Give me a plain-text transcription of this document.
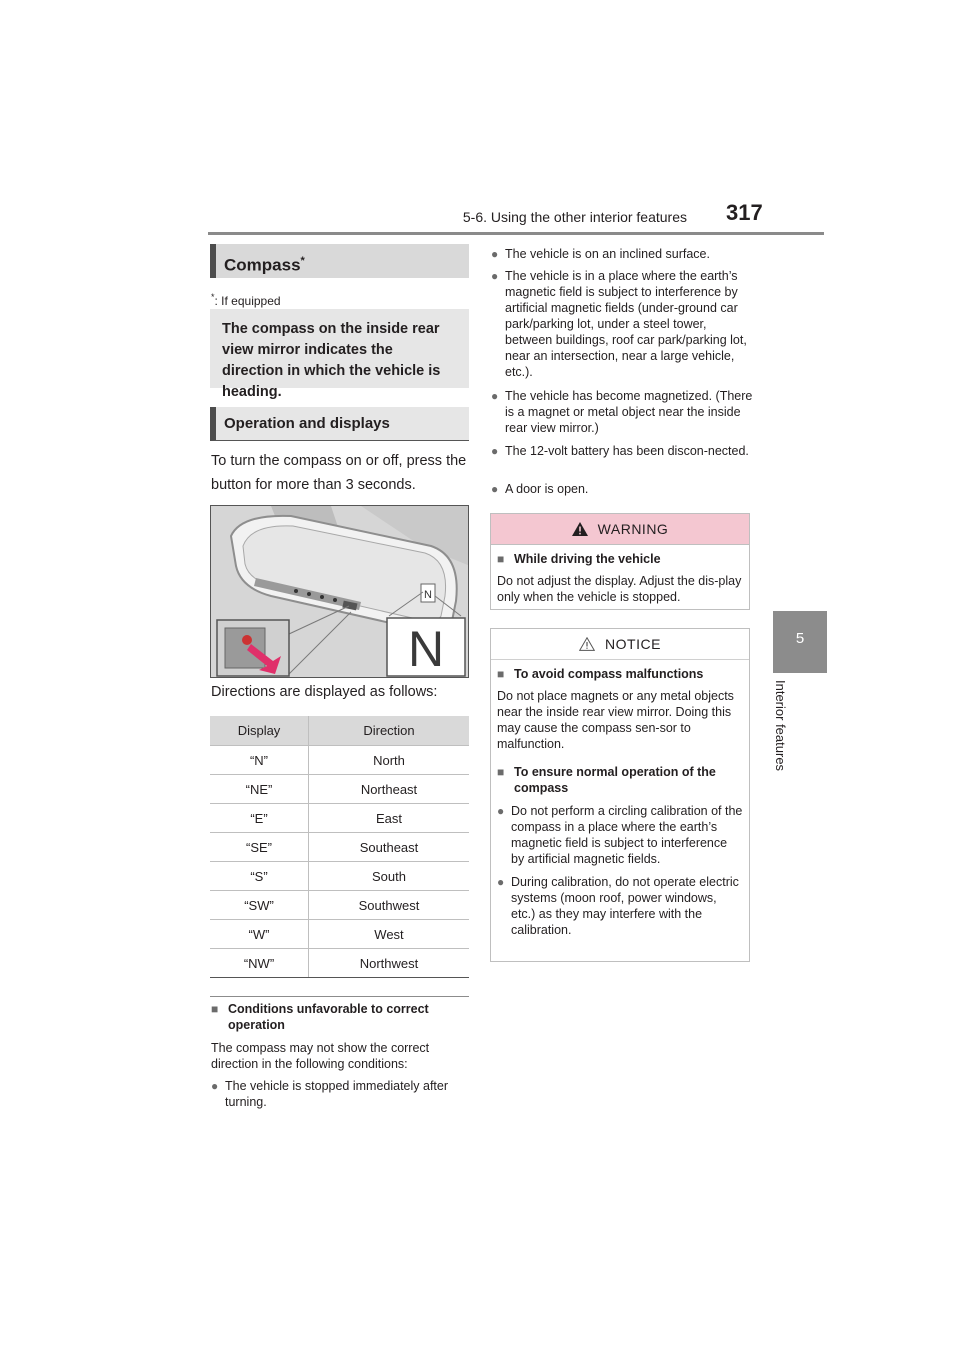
5-6. Using the other interior features 317
5
Interior features
Compass*
*: If equipped
The compass on the inside rear view mirror indicates the direction in which the vehicle is heading.
Operation and displays
To turn the compass on or off, press the button for more than 3 seconds.
N
N
Directions are displayed as follows:
Display	Direction
“N”	North
“NE”	Northeast
“E”	East
“SE”	Southeast
“S”	South
“SW”	Southwest
“W”	West
“NW”	Northwest
■ Conditions unfavorable to correct operation
The compass may not show the correct direction in the following conditions:
● The vehicle is stopped immediately after turning.
● The vehicle is on an inclined surface.
● The vehicle is in a place where the earth’s magnetic field is subject to interference by artificial magnetic fields (under-ground car park/parking lot, under a steel tower, between buildings, roof car park/parking lot, near an intersection, near a large vehicle, etc.).
● The vehicle has become magnetized. (There is a magnet or metal object near the inside rear view mirror.)
● The 12-volt battery has been discon-nected.
● A door is open.
WARNING
■ While driving the vehicle
Do not adjust the display. Adjust the dis-play only when the vehicle is stopped.
NOTICE
■ To avoid compass malfunctions
Do not place magnets or any metal objects near the inside rear view mirror. Doing this may cause the compass sen-sor to malfunction.
■ To ensure normal operation of the compass
● Do not perform a circling calibration of the compass in a place where the earth’s magnetic field is subject to interference by artificial magnetic fields.
● During calibration, do not operate electric systems (moon roof, power windows, etc.) as they may interfere with the calibration.
